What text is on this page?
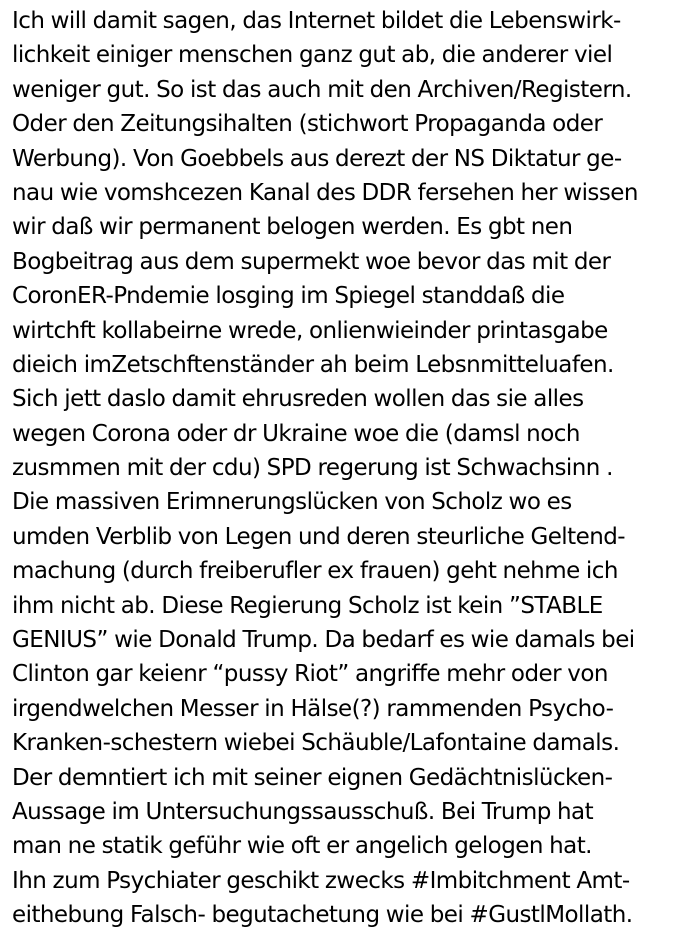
Ich will damit sagen, das Internet bildet die Lebenswirk-
lichkeit einiger menschen ganz gut ab, die anderer viel
weniger gut. So ist das auch mit den Archiven/Registern.
Oder den Zeitungsihalten (stichwort Propaganda oder
Werbung). Von Goebbels aus derezt der NS Diktatur ge-
nau wie vomshcezen Kanal des DDR fersehen her wissen
wir daß wir permanent belogen werden. Es gbt nen
Bogbeitrag aus dem supermekt woe bevor das mit der
CoronER-Pndemie losging im Spiegel standdaß die
wirtchft kollabeirne wrede, onlienwieinder printasgabe
dieich imZetschftenständer ah beim Lebsnmitteluafen.
Sich jett daslo damit ehrusreden wollen das sie alles
wegen Corona oder dr Ukraine woe die (damsl noch
zusmmen mit der cdu) SPD regerung ist Schwachsinn .
Die massiven Erimnerungslücken von Scholz wo es
umden Verblib von Legen und deren steurliche Geltend-
machung (durch freiberufler ex frauen) geht nehme ich
ihm nicht ab. Diese Regierung Scholz ist kein ”STABLE
GENIUS” wie Donald Trump. Da bedarf es wie damals bei
Clinton gar keienr “pussy Riot” angriffe mehr oder von
irgendwelchen Messer in Hälse(?) rammenden Psycho-
Kranken-schestern wiebei Schäuble/Lafontaine damals.
Der demntiert ich mit seiner eignen Gedächtnislücken-
Aussage im Untersuchungssausschuß. Bei Trump hat
man ne statik geführ wie oft er angelich gelogen hat.
Ihn zum Psychiater geschikt zwecks #Imbitchment Amt-
eithebung Falsch- begutachetung wie bei #GustlMollath.
